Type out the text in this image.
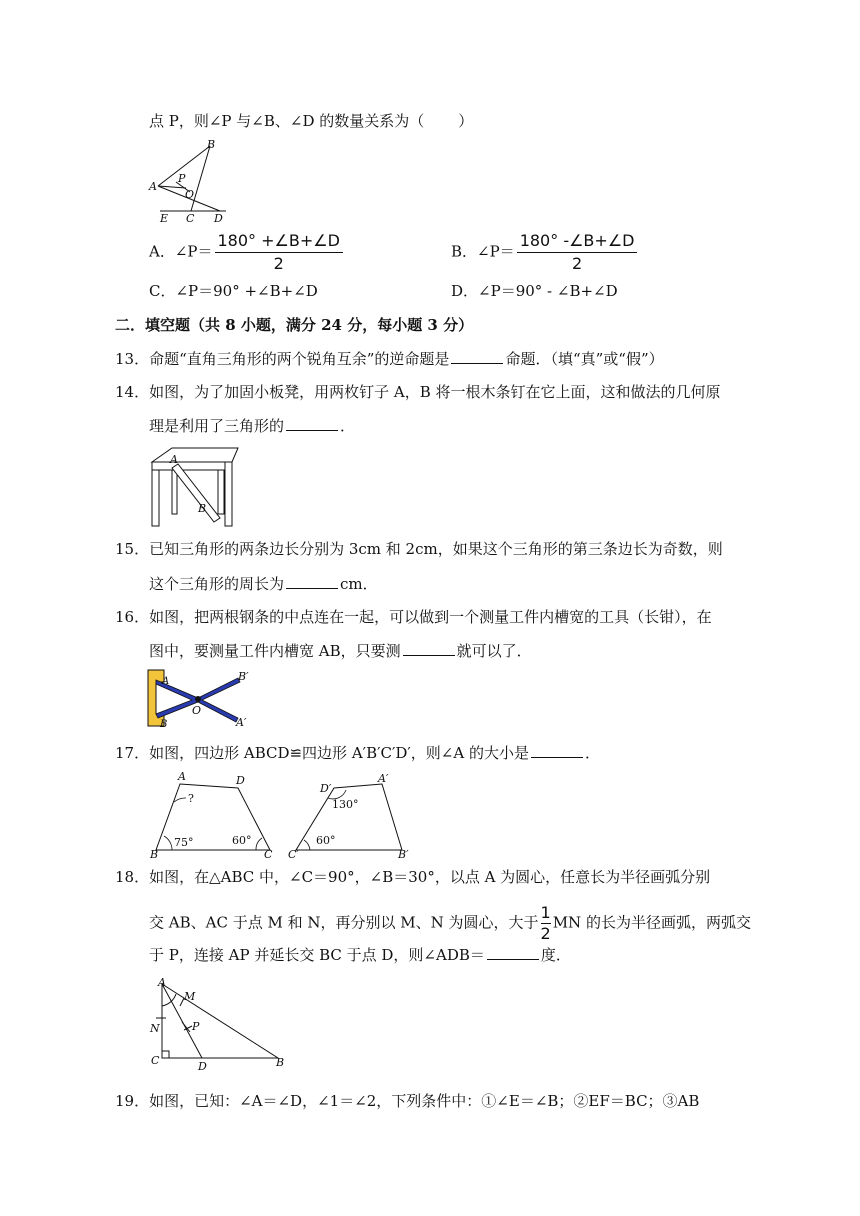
点 P，则∠P 与∠B、∠D 的数量关系为（ ）
B
A
P
O
E C D
A．∠P＝ $\frac{180^\circ +\angle B+\angle D}{2}$	B．∠P＝ $\frac{180^\circ -\angle B+\angle D}{2}$
C．∠P＝90° +∠B+∠D	D．∠P＝90° - ∠B+∠D
二．填空题（共 8 小题，满分 24 分，每小题 3 分）
13．命题“直角三角形的两个锐角互余”的逆命题是	命题．（填“真”或“假”）
14．如图，为了加固小板凳，用两枚钉子 A，B 将一根木条钉在它上面，这和做法的几何原
理是利用了三角形的	．
A
B
15．已知三角形的两条边长分别为 3cm 和 2cm，如果这个三角形的第三条边长为奇数，则
这个三角形的周长为	cm．
16．如图，把两根钢条的中点连在一起，可以做到一个测量工件内槽宽的工具（长钳），在
图中，要测量工件内槽宽 AB，只要测	就可以了．
A
B
O
B′
A′
17．如图，四边形 ABCD≌四边形 A′B′C′D′，则∠A 的大小是	．
A	D
?
75°	60°
B	C
D′
A′
130°
60°
C′	B′
18．如图，在△ABC 中，∠C＝90°，∠B＝30°，以点 A 为圆心，任意长为半径画弧分别
交 AB、AC 于点 M 和 N，再分别以 M、N 为圆心，大于 $\frac{1}{2}$ MN 的长为半径画弧，两弧交
于 P，连接 AP 并延长交 BC 于点 D，则∠ADB＝	度．
A
M
N	P
C	D	B
19．如图，已知：∠A＝∠D，∠1＝∠2，下列条件中：①∠E＝∠B；②EF＝BC；③AB
